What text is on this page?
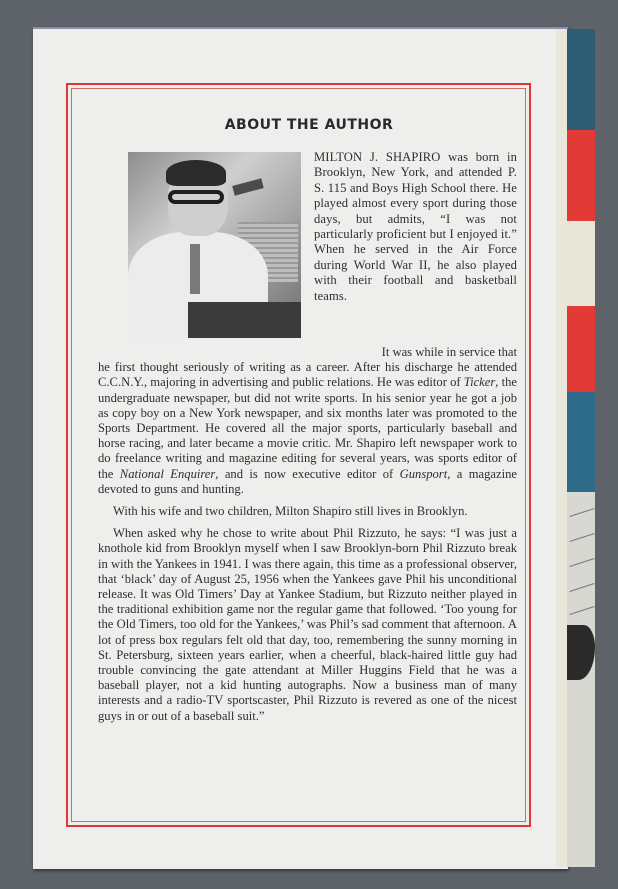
ABOUT THE AUTHOR
MILTON J. SHAPIRO was born in Brooklyn, New York, and attended P. S. 115 and Boys High School there. He played almost every sport during those days, but admits, “I was not particularly proficient but I enjoyed it.” When he served in the Air Force during World War II, he also played with their football and basketball teams.

It was while in service that
he first thought seriously of writing as a career. After his discharge he attended C.C.N.Y., majoring in advertising and public relations. He was editor of Ticker, the undergraduate newspaper, but did not write sports. In his senior year he got a job as copy boy on a New York newspaper, and six months later was promoted to the Sports Department. He covered all the major sports, particularly baseball and horse racing, and later became a movie critic. Mr. Shapiro left newspaper work to do freelance writing and magazine editing for several years, was sports editor of the National Enquirer, and is now executive editor of Gunsport, a magazine devoted to guns and hunting.

With his wife and two children, Milton Shapiro still lives in Brooklyn.

When asked why he chose to write about Phil Rizzuto, he says: “I was just a knothole kid from Brooklyn myself when I saw Brooklyn-born Phil Rizzuto break in with the Yankees in 1941. I was there again, this time as a professional observer, that ‘black’ day of August 25, 1956 when the Yankees gave Phil his unconditional release. It was Old Timers’ Day at Yankee Stadium, but Rizzuto neither played in the traditional exhibition game nor the regular game that followed. ‘Too young for the Old Timers, too old for the Yankees,’ was Phil’s sad comment that afternoon. A lot of press box regulars felt old that day, too, remembering the sunny morning in St. Petersburg, sixteen years earlier, when a cheerful, black-haired little guy had trouble convincing the gate attendant at Miller Huggins Field that he was a baseball player, not a kid hunting autographs. Now a business man of many interests and a radio-TV sportscaster, Phil Rizzuto is revered as one of the nicest guys in or out of a baseball suit.”
